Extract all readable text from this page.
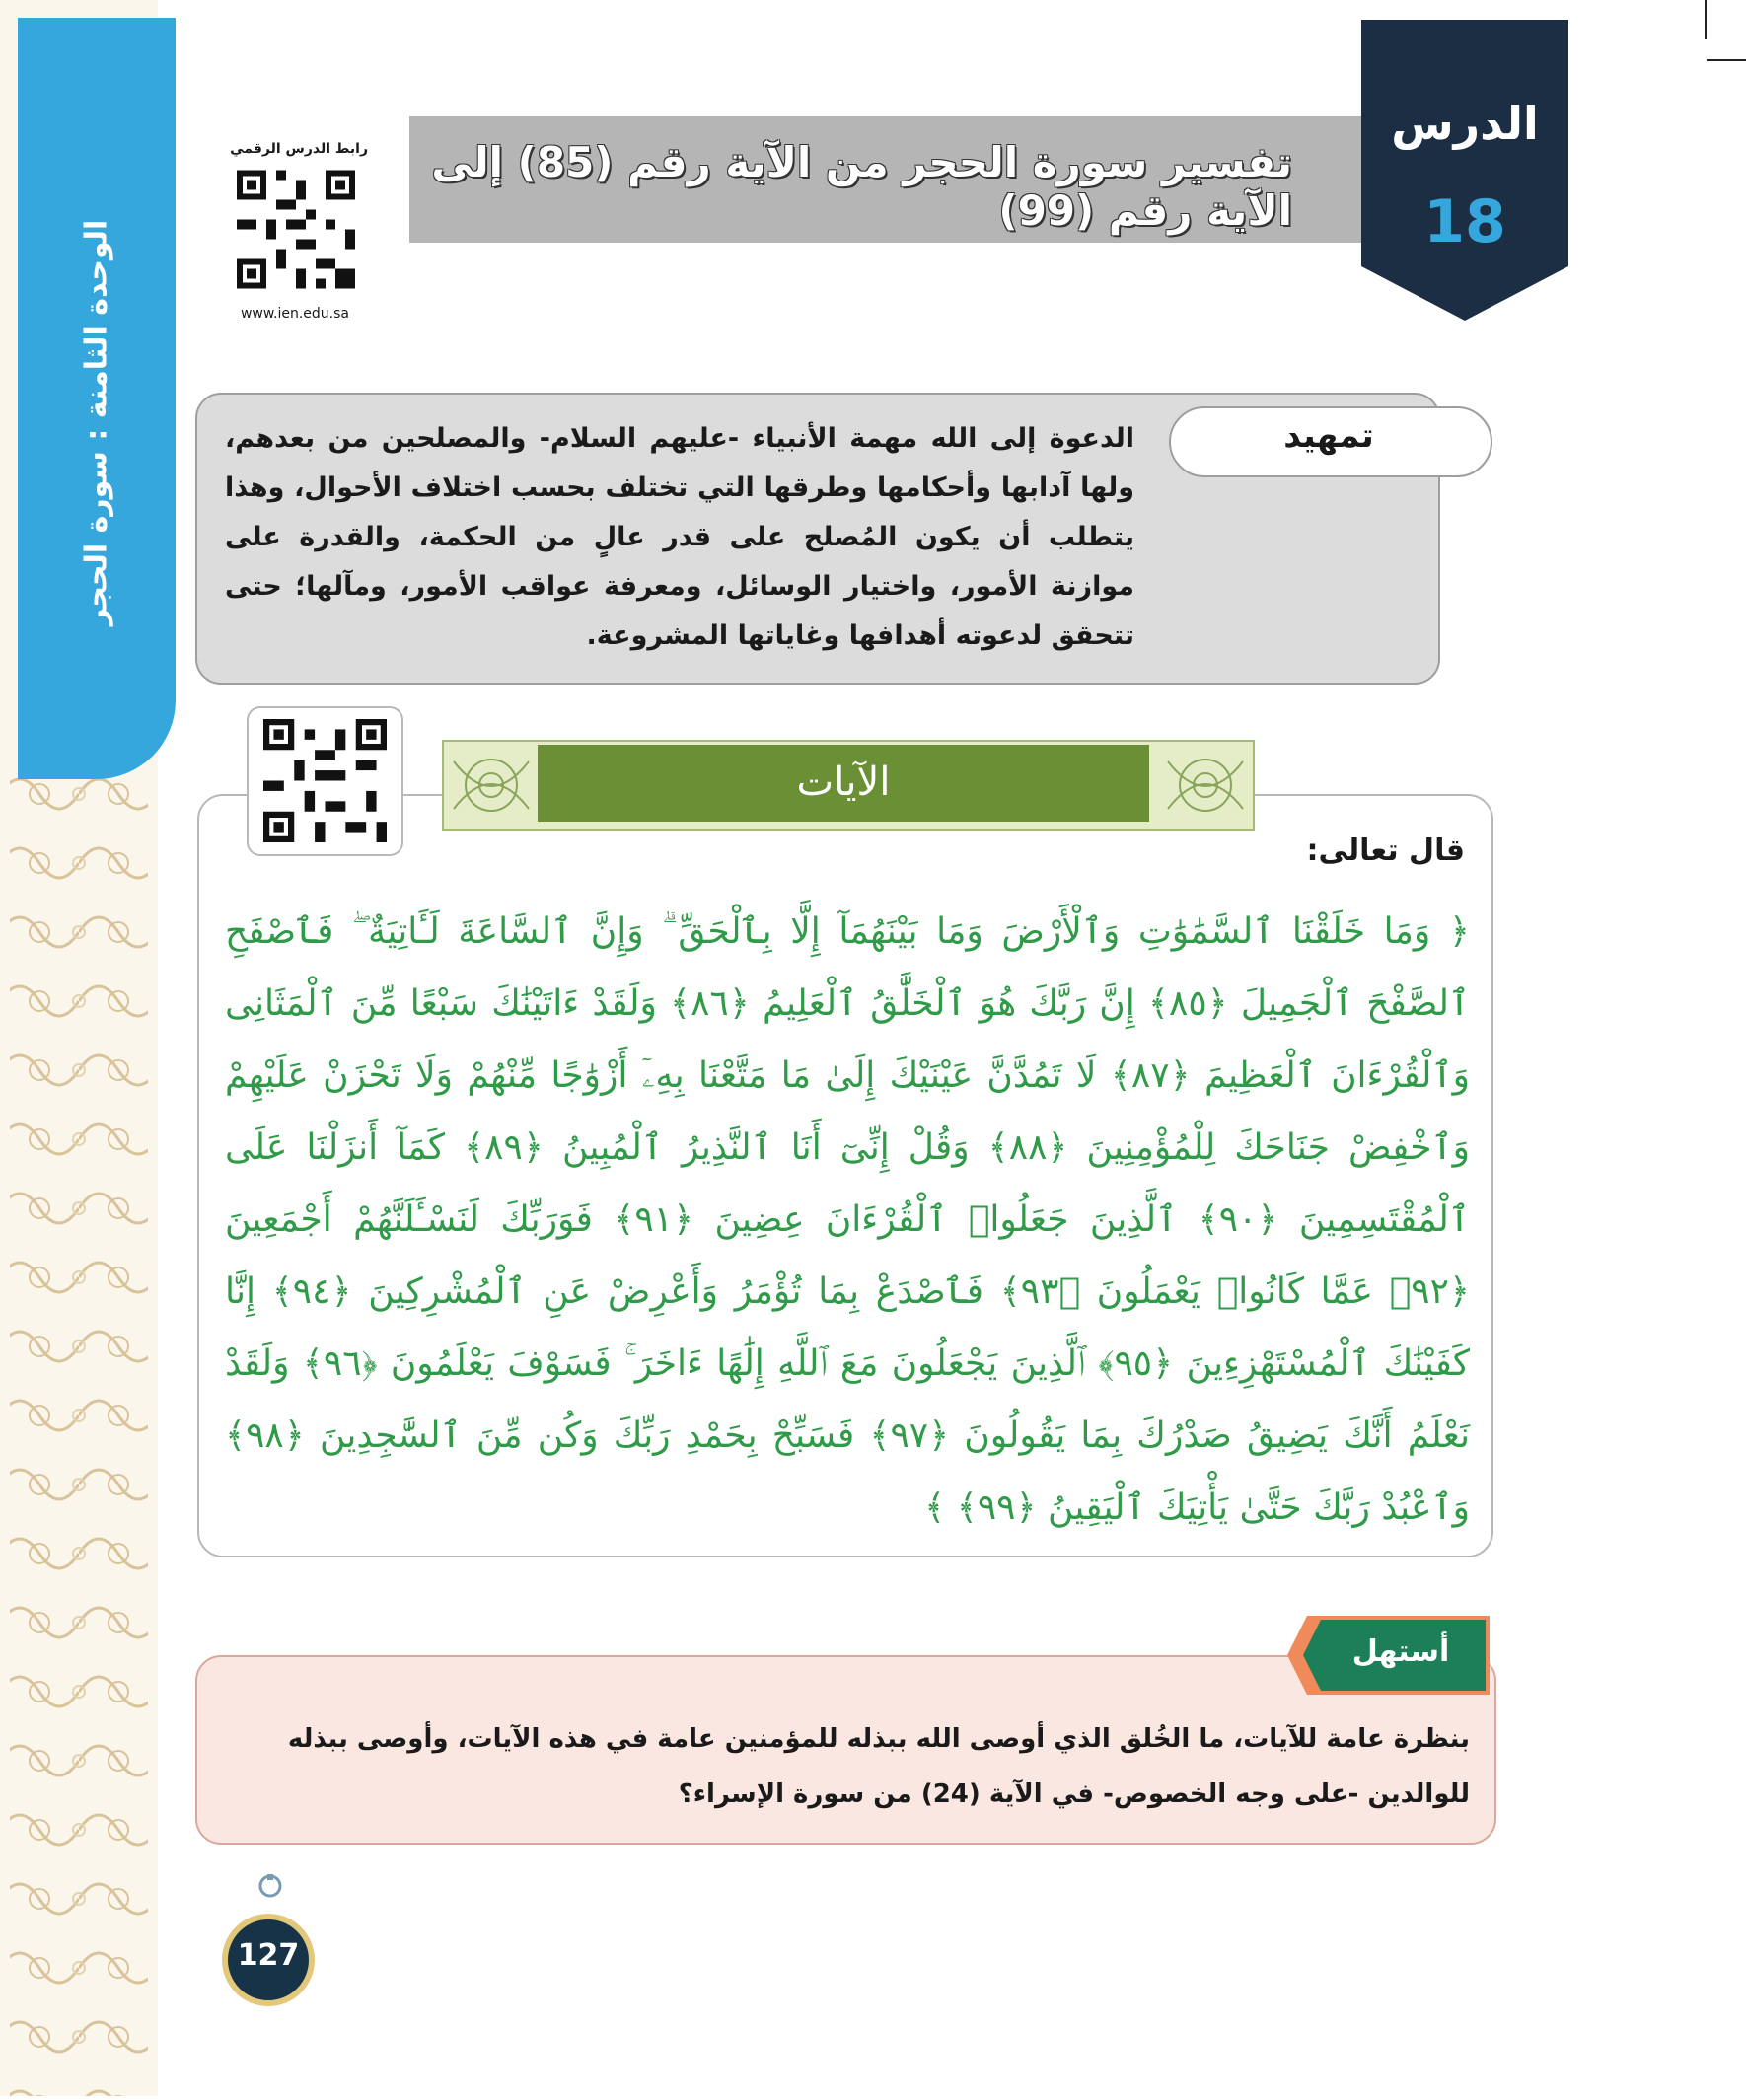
الوحدة الثامنة : سورة الحجر
تفسير سورة الحجر من الآية رقم (85) إلى الآية رقم (99)
الدرس
18
رابط الدرس الرقمي
www.ien.edu.sa
تمهيد
الدعوة إلى الله مهمة الأنبياء -عليهم السلام- والمصلحين من بعدهم، ولها آدابها وأحكامها وطرقها التي تختلف بحسب اختلاف الأحوال، وهذا يتطلب أن يكون المُصلح على قدر عالٍ من الحكمة، والقدرة على موازنة الأمور، واختيار الوسائل، ومعرفة عواقب الأمور، ومآلها؛ حتى تتحقق لدعوته أهدافها وغاياتها المشروعة.
الآيات
قال تعالى:
﴿ وَمَا خَلَقْنَا ٱلسَّمَٰوَٰتِ وَٱلْأَرْضَ وَمَا بَيْنَهُمَآ إِلَّا بِٱلْحَقِّ ۗ وَإِنَّ ٱلسَّاعَةَ لَـَٔاتِيَةٌ ۖ فَٱصْفَحِ ٱلصَّفْحَ ٱلْجَمِيلَ ﴿٨٥﴾ إِنَّ رَبَّكَ هُوَ ٱلْخَلَّٰقُ ٱلْعَلِيمُ ﴿٨٦﴾ وَلَقَدْ ءَاتَيْنَٰكَ سَبْعًا مِّنَ ٱلْمَثَانِى وَٱلْقُرْءَانَ ٱلْعَظِيمَ ﴿٨٧﴾ لَا تَمُدَّنَّ عَيْنَيْكَ إِلَىٰ مَا مَتَّعْنَا بِهِۦٓ أَزْوَٰجًا مِّنْهُمْ وَلَا تَحْزَنْ عَلَيْهِمْ وَٱخْفِضْ جَنَاحَكَ لِلْمُؤْمِنِينَ ﴿٨٨﴾ وَقُلْ إِنِّىٓ أَنَا ٱلنَّذِيرُ ٱلْمُبِينُ ﴿٨٩﴾ كَمَآ أَنزَلْنَا عَلَى ٱلْمُقْتَسِمِينَ ﴿٩٠﴾ ٱلَّذِينَ جَعَلُوا۟ ٱلْقُرْءَانَ عِضِينَ ﴿٩١﴾ فَوَرَبِّكَ لَنَسْـَٔلَنَّهُمْ أَجْمَعِينَ ﴿٩٢﴾ عَمَّا كَانُوا۟ يَعْمَلُونَ ﴿٩٣﴾ فَٱصْدَعْ بِمَا تُؤْمَرُ وَأَعْرِضْ عَنِ ٱلْمُشْرِكِينَ ﴿٩٤﴾ إِنَّا كَفَيْنَٰكَ ٱلْمُسْتَهْزِءِينَ ﴿٩٥﴾ ٱلَّذِينَ يَجْعَلُونَ مَعَ ٱللَّهِ إِلَٰهًا ءَاخَرَ ۚ فَسَوْفَ يَعْلَمُونَ ﴿٩٦﴾ وَلَقَدْ نَعْلَمُ أَنَّكَ يَضِيقُ صَدْرُكَ بِمَا يَقُولُونَ ﴿٩٧﴾ فَسَبِّحْ بِحَمْدِ رَبِّكَ وَكُن مِّنَ ٱلسَّٰجِدِينَ ﴿٩٨﴾ وَٱعْبُدْ رَبَّكَ حَتَّىٰ يَأْتِيَكَ ٱلْيَقِينُ ﴿٩٩﴾ ﴾
أستهل
بنظرة عامة للآيات، ما الخُلق الذي أوصى الله ببذله للمؤمنين عامة في هذه الآيات، وأوصى ببذله للوالدين -على وجه الخصوص- في الآية (24) من سورة الإسراء؟
127
